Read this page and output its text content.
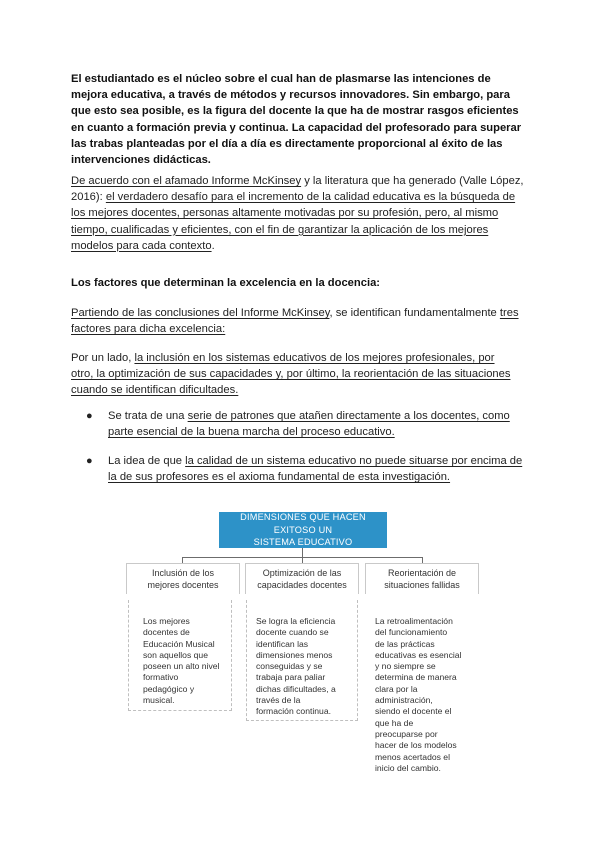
El estudiantado es el núcleo sobre el cual han de plasmarse las intenciones de
mejora educativa, a través de métodos y recursos innovadores. Sin embargo, para
que esto sea posible, es la figura del docente la que ha de mostrar rasgos eficientes
en cuanto a formación previa y continua. La capacidad del profesorado para superar
las trabas planteadas por el día a día es directamente proporcional al éxito de las
intervenciones didácticas.
De acuerdo con el afamado Informe McKinsey y la literatura que ha generado (Valle López,
2016): el verdadero desafío para el incremento de la calidad educativa es la búsqueda de
los mejores docentes, personas altamente motivadas por su profesión, pero, al mismo
tiempo, cualificadas y eficientes, con el fin de garantizar la aplicación de los mejores
modelos para cada contexto.
Los factores que determinan la excelencia en la docencia:
Partiendo de las conclusiones del Informe McKinsey, se identifican fundamentalmente tres
factores para dicha excelencia:
Por un lado, la inclusión en los sistemas educativos de los mejores profesionales, por
otro, la optimización de sus capacidades y, por último, la reorientación de las situaciones
cuando se identifican dificultades.
● Se trata de una serie de patrones que atañen directamente a los docentes, como
parte esencial de la buena marcha del proceso educativo.
● La idea de que la calidad de un sistema educativo no puede situarse por encima de
la de sus profesores es el axioma fundamental de esta investigación.
DIMENSIONES QUE HACEN EXITOSO UN
SISTEMA EDUCATIVO
Inclusión de los
mejores docentes
Optimización de las
capacidades docentes
Reorientación de
situaciones fallidas
Los mejores
docentes de
Educación Musical
son aquellos que
poseen un alto nivel
formativo
pedagógico y
musical.
Se logra la eficiencia
docente cuando se
identifican las
dimensiones menos
conseguidas y se
trabaja para paliar
dichas dificultades, a
través de la
formación continua.
La retroalimentación
del funcionamiento
de las prácticas
educativas es esencial
y no siempre se
determina de manera
clara por la
administración,
siendo el docente el
que ha de
preocuparse por
hacer de los modelos
menos acertados el
inicio del cambio.
